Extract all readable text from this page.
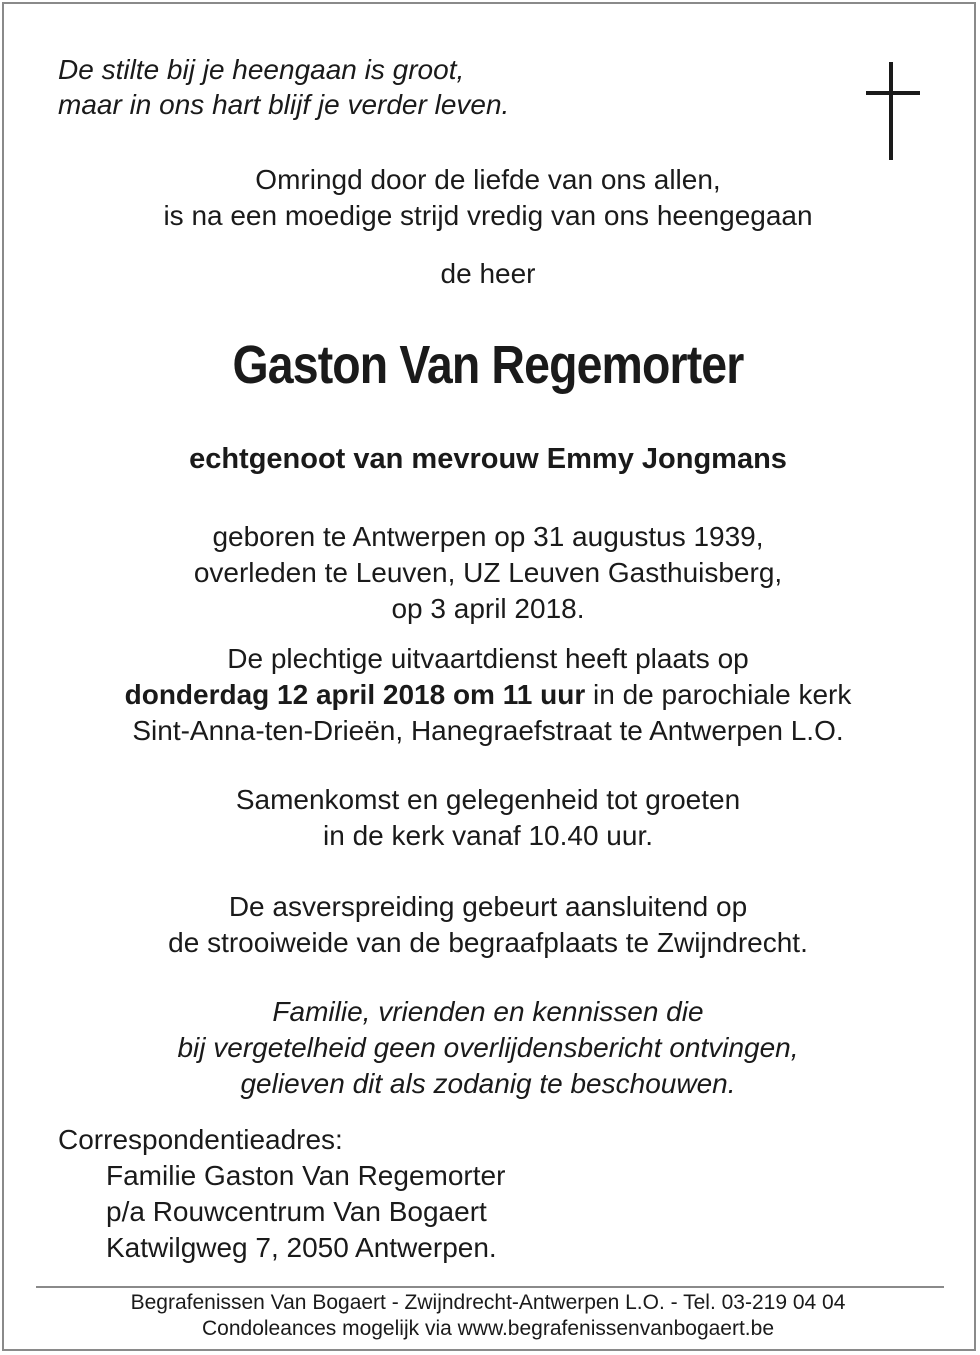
De stilte bij je heengaan is groot,
maar in ons hart blijf je verder leven.
Omringd door de liefde van ons allen,
is na een moedige strijd vredig van ons heengegaan
de heer
Gaston Van Regemorter
echtgenoot van mevrouw Emmy Jongmans
geboren te Antwerpen op 31 augustus 1939,
overleden te Leuven, UZ Leuven Gasthuisberg,
op 3 april 2018.
De plechtige uitvaartdienst heeft plaats op
donderdag 12 april 2018 om 11 uur in de parochiale kerk
Sint-Anna-ten-Drieën, Hanegraefstraat te Antwerpen L.O.
Samenkomst en gelegenheid tot groeten
in de kerk vanaf 10.40 uur.
De asverspreiding gebeurt aansluitend op
de strooiweide van de begraafplaats te Zwijndrecht.
Familie, vrienden en kennissen die
bij vergetelheid geen overlijdensbericht ontvingen,
gelieven dit als zodanig te beschouwen.
Correspondentieadres:
Familie Gaston Van Regemorter
p/a Rouwcentrum Van Bogaert
Katwilgweg 7, 2050 Antwerpen.
Begrafenissen Van Bogaert - Zwijndrecht-Antwerpen L.O. - Tel. 03-219 04 04
Condoleances mogelijk via www.begrafenissenvanbogaert.be
